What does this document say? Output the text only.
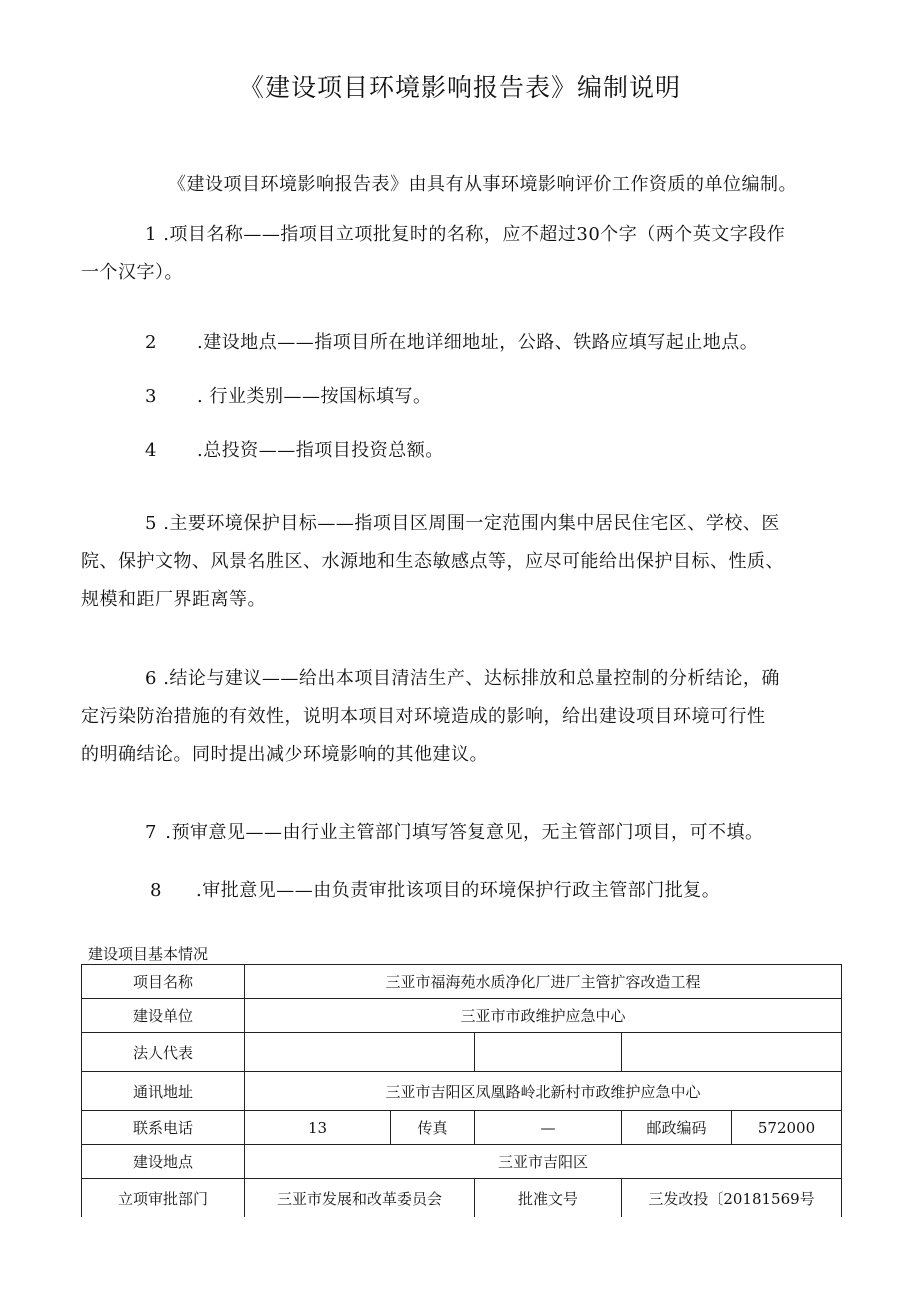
《建设项目环境影响报告表》编制说明
《建设项目环境影响报告表》由具有从事环境影响评价工作资质的单位编制。
1 .项目名称——指项目立项批复时的名称，应不超过30个字（两个英文字段作
一个汉字）。
2 .建设地点——指项目所在地详细地址，公路、铁路应填写起止地点。
3 . 行业类别——按国标填写。
4 .总投资——指项目投资总额。
5 .主要环境保护目标——指项目区周围一定范围内集中居民住宅区、学校、医
院、保护文物、风景名胜区、水源地和生态敏感点等，应尽可能给出保护目标、性质、
规模和距厂界距离等。
6 .结论与建议——给出本项目清洁生产、达标排放和总量控制的分析结论，确
定污染防治措施的有效性，说明本项目对环境造成的影响，给出建设项目环境可行性
的明确结论。同时提出减少环境影响的其他建议。
7 .预审意见——由行业主管部门填写答复意见，无主管部门项目，可不填。
8 .审批意见——由负责审批该项目的环境保护行政主管部门批复。
建设项目基本情况
项目名称	三亚市福海苑水质净化厂进厂主管扩容改造工程				
建设单位	三亚市市政维护应急中心				
法人代表					
通讯地址	三亚市吉阳区凤凰路岭北新村市政维护应急中心				
联系电话	13	传真	—	邮政编码	572000
建设地点	三亚市吉阳区				
立项审批部门	三亚市发展和改革委员会		批准文号	三发改投〔20181569号	
